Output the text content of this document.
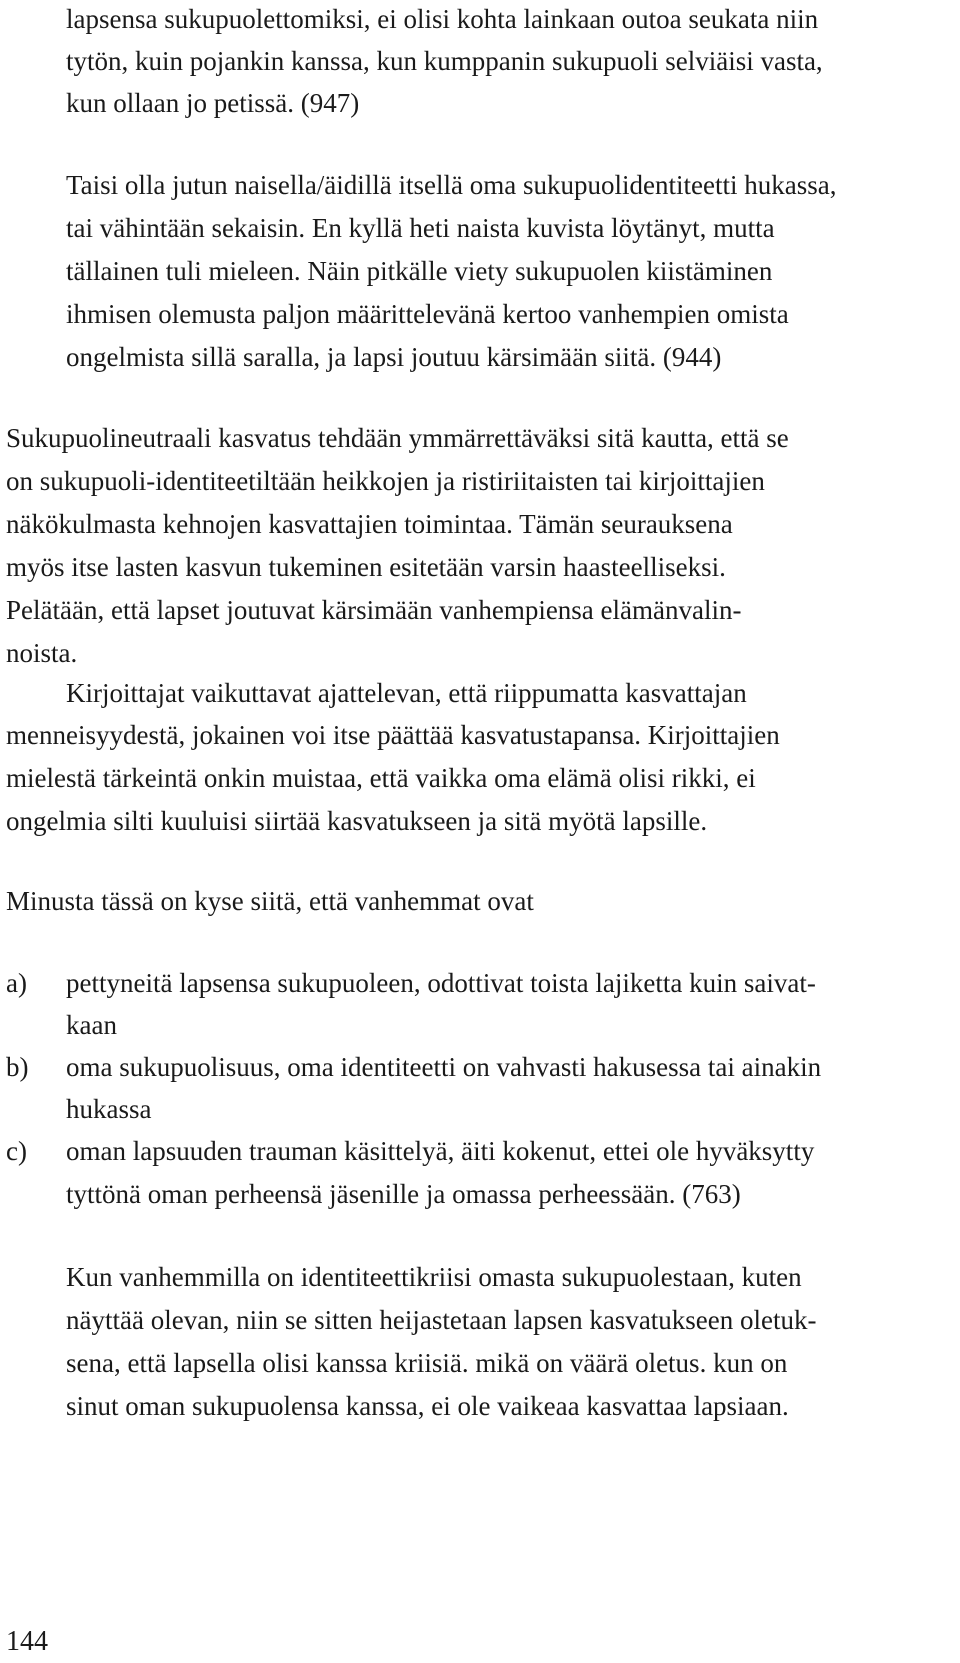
lapsensa sukupuolettomiksi, ei olisi kohta lainkaan outoa seukata niin
tytön, kuin pojankin kanssa, kun kumppanin sukupuoli selviäisi vasta,
kun ollaan jo petissä. (947)
Taisi olla jutun naisella/äidillä itsellä oma sukupuolidentiteetti hukassa,
tai vähintään sekaisin. En kyllä heti naista kuvista löytänyt, mutta
tällainen tuli mieleen. Näin pitkälle viety sukupuolen kiistäminen
ihmisen olemusta paljon määrittelevänä kertoo vanhempien omista
ongelmista sillä saralla, ja lapsi joutuu kärsimään siitä. (944)
Sukupuolineutraali kasvatus tehdään ymmärrettäväksi sitä kautta, että se
on sukupuoli-identiteetiltään heikkojen ja ristiriitaisten tai kirjoittajien
näkökulmasta kehnojen kasvattajien toimintaa. Tämän seurauksena
myös itse lasten kasvun tukeminen esitetään varsin haasteelliseksi.
Pelätään, että lapset joutuvat kärsimään vanhempiensa elämänvalin-
noista.
Kirjoittajat vaikuttavat ajattelevan, että riippumatta kasvattajan
menneisyydestä, jokainen voi itse päättää kasvatustapansa. Kirjoittajien
mielestä tärkeintä onkin muistaa, että vaikka oma elämä olisi rikki, ei
ongelmia silti kuuluisi siirtää kasvatukseen ja sitä myötä lapsille.
Minusta tässä on kyse siitä, että vanhemmat ovat
a) pettyneitä lapsensa sukupuoleen, odottivat toista lajiketta kuin saivat-
kaan
b) oma sukupuolisuus, oma identiteetti on vahvasti hakusessa tai ainakin
hukassa
c) oman lapsuuden trauman käsittelyä, äiti kokenut, ettei ole hyväksytty
tyttönä oman perheensä jäsenille ja omassa perheessään. (763)
Kun vanhemmilla on identiteettikriisi omasta sukupuolestaan, kuten
näyttää olevan, niin se sitten heijastetaan lapsen kasvatukseen oletuk-
sena, että lapsella olisi kanssa kriisiä. mikä on väärä oletus. kun on
sinut oman sukupuolensa kanssa, ei ole vaikeaa kasvattaa lapsiaan.
144
